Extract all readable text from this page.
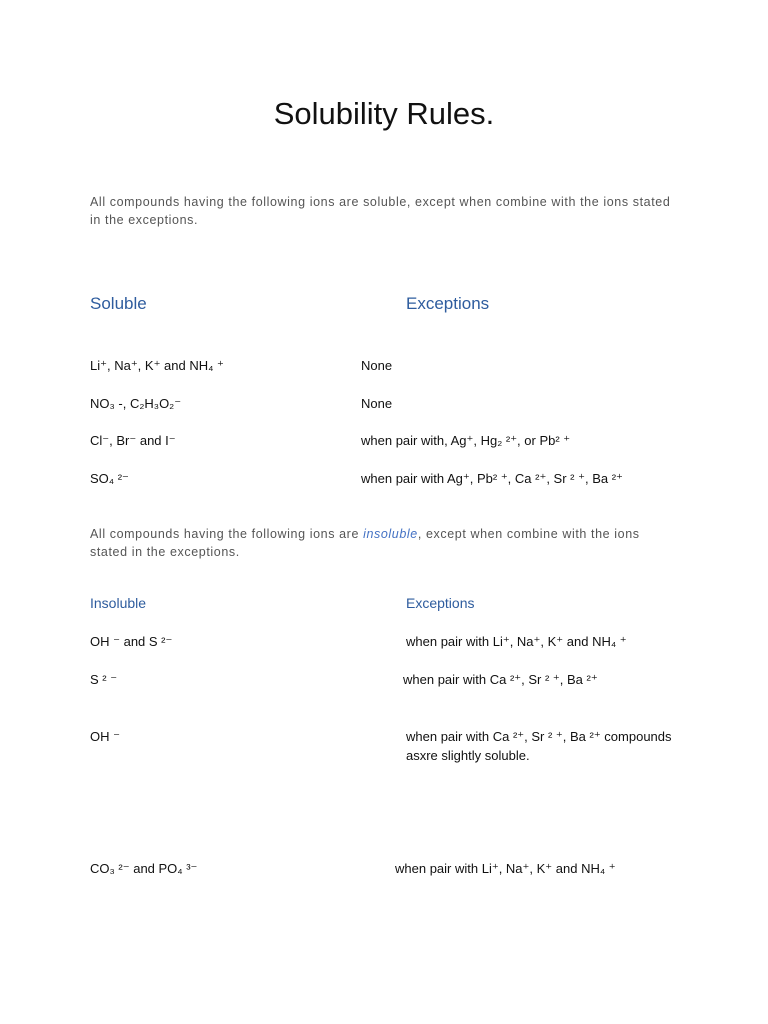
Solubility Rules.

All compounds having the following ions are soluble, except when combine with the ions stated in the exceptions.

Soluble	Exceptions

Li⁺, Na⁺, K⁺ and NH₄ ⁺	None

NO₃ -, C₂H₃O₂⁻	None

Cl⁻, Br⁻ and I⁻	when pair with, Ag⁺, Hg₂ ²⁺, or Pb² ⁺

SO₄ ²⁻	when pair with Ag⁺, Pb² ⁺, Ca ²⁺, Sr ² ⁺, Ba ²⁺

All compounds having the following ions are insoluble, except when combine with the ions stated in the exceptions.

Insoluble	Exceptions

OH ⁻ and S ²⁻	when pair with Li⁺, Na⁺, K⁺ and NH₄ ⁺

S ² ⁻	when pair with Ca ²⁺, Sr ² ⁺, Ba ²⁺

OH ⁻	when pair with Ca ²⁺, Sr ² ⁺, Ba ²⁺ compounds asxre slightly soluble.

CO₃ ²⁻ and PO₄ ³⁻	when pair with Li⁺, Na⁺, K⁺ and NH₄ ⁺
